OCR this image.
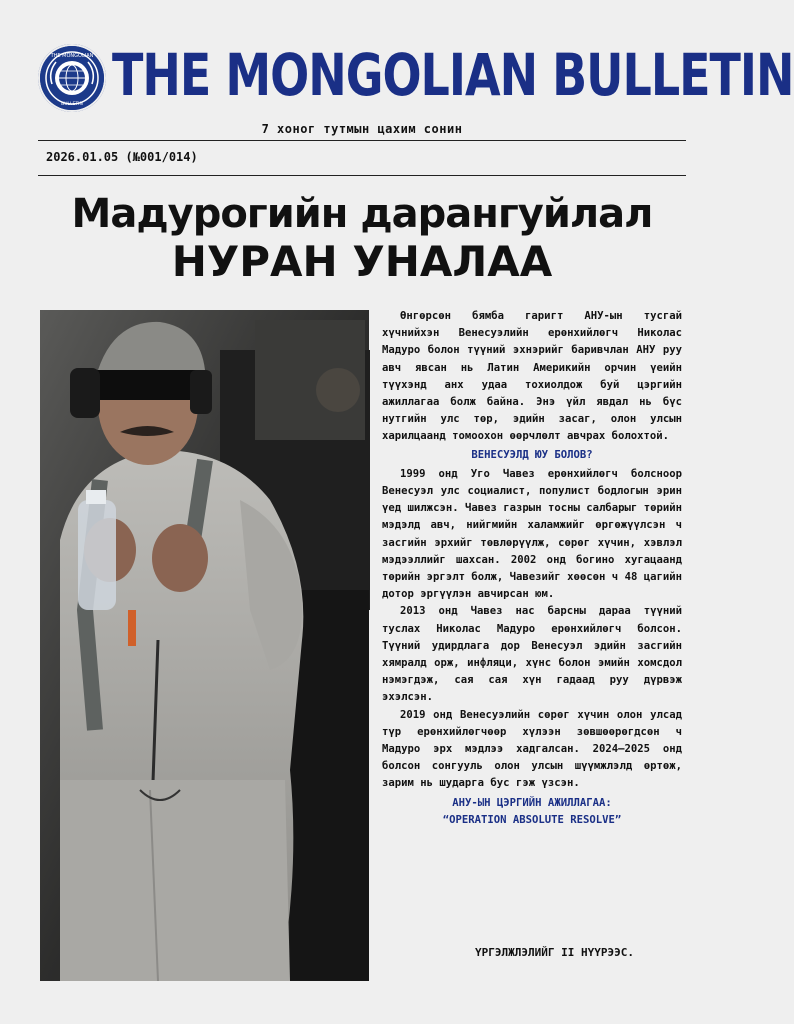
THE MONGOLIAN
BULLETIN THE MONGOLIAN BULLETIN
7 хоног тутмын цахим сонин
2026.01.05 (№001/014)
Мадурогийн дарангуйлал
НУРАН УНАЛАА

Өнгөрсөн бямба гаригт АНУ-ын тусгай хүчнийхэн Венесуэлийн ерөнхийлөгч Николас Мадуро болон түүний эхнэрийг баривчлан АНУ руу авч явсан нь Латин Америкийн орчин үеийн түүхэнд анх удаа тохиолдож буй цэргийн ажиллагаа болж байна. Энэ үйл явдал нь бүс нутгийн улс төр, эдийн засаг, олон улсын харилцаанд томоохон өөрчлөлт авчрах болохтой.

ВЕНЕСУЭЛД ЮУ БОЛОВ?

1999 онд Уго Чавез ерөнхийлөгч болсноор Венесуэл улс социалист, популист бодлогын эрин үед шилжсэн. Чавез газрын тосны салбарыг төрийн мэдэлд авч, нийгмийн халамжийг өргөжүүлсэн ч засгийн эрхийг төвлөрүүлж, сөрөг хүчин, хэвлэл мэдээллийг шахсан. 2002 онд богино хугацаанд төрийн эргэлт болж, Чавезийг хөөсөн ч 48 цагийн дотор эргүүлэн авчирсан юм.

2013 онд Чавез нас барсны дараа түүний туслах Николас Мадуро ерөнхийлөгч болсон. Түүний удирдлага дор Венесуэл эдийн засгийн хямралд орж, инфляци, хүнс болон эмийн хомсдол нэмэгдэж, сая сая хүн гадаад руу дүрвэж эхэлсэн.

2019 онд Венесуэлийн сөрөг хүчин олон улсад түр ерөнхийлөгчөөр хүлээн зөвшөөрөгдсөн ч Мадуро эрх мэдлээ хадгалсан. 2024–2025 онд болсон сонгууль олон улсын шүүмжлэлд өртөж, зарим нь шударга бус гэж үзсэн.

АНУ-ЫН ЦЭРГИЙН АЖИЛЛАГАА:

“OPERATION ABSOLUTE RESOLVE”

ҮРГЭЛЖЛЭЛИЙГ II НҮҮРЭЭС.
